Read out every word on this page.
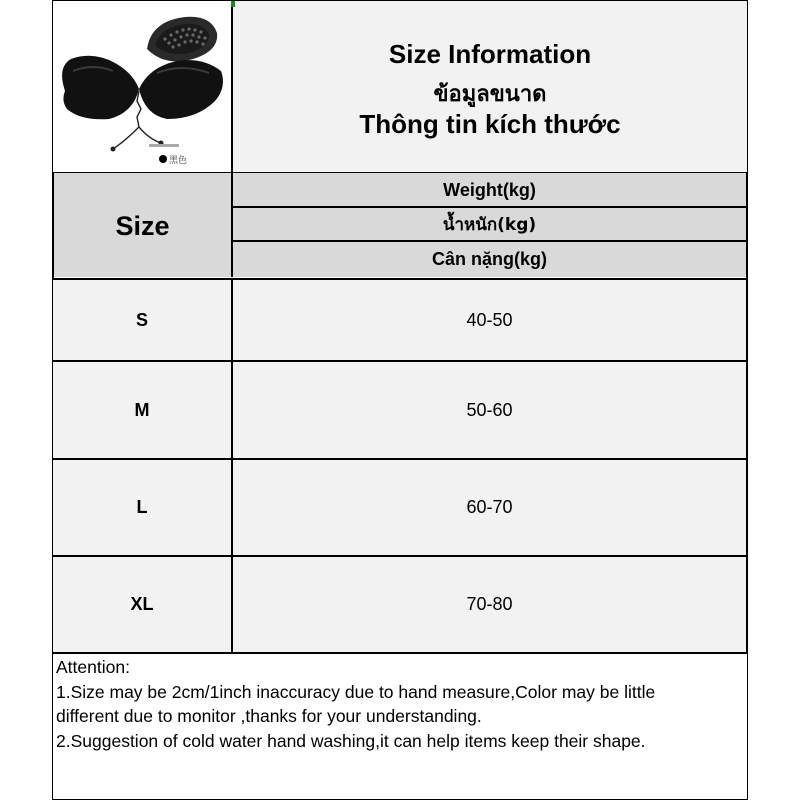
黑色
Size Information
ข้อมูลขนาด
Thông tin kích thước
Size
Weight(kg)
น้ำหนัก(kg)
Cân nặng(kg)
S	40-50
M	50-60
L	60-70
XL	70-80
Attention:
1.Size may be 2cm/1inch inaccuracy due to hand measure,Color may be little
different due to monitor ,thanks for your understanding.
2.Suggestion of cold water hand washing,it can help items keep their shape.
